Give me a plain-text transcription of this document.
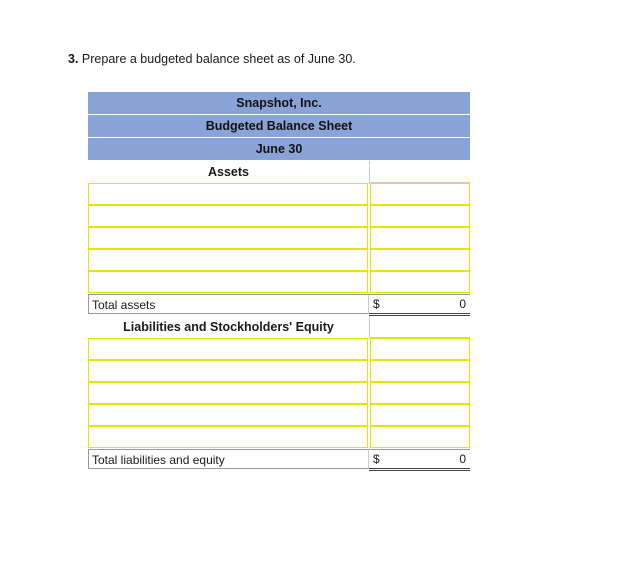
3. Prepare a budgeted balance sheet as of June 30.
Snapshot, Inc.
Budgeted Balance Sheet
June 30
Assets
Total assets	$	0
Liabilities and Stockholders' Equity
Total liabilities and equity	$	0
